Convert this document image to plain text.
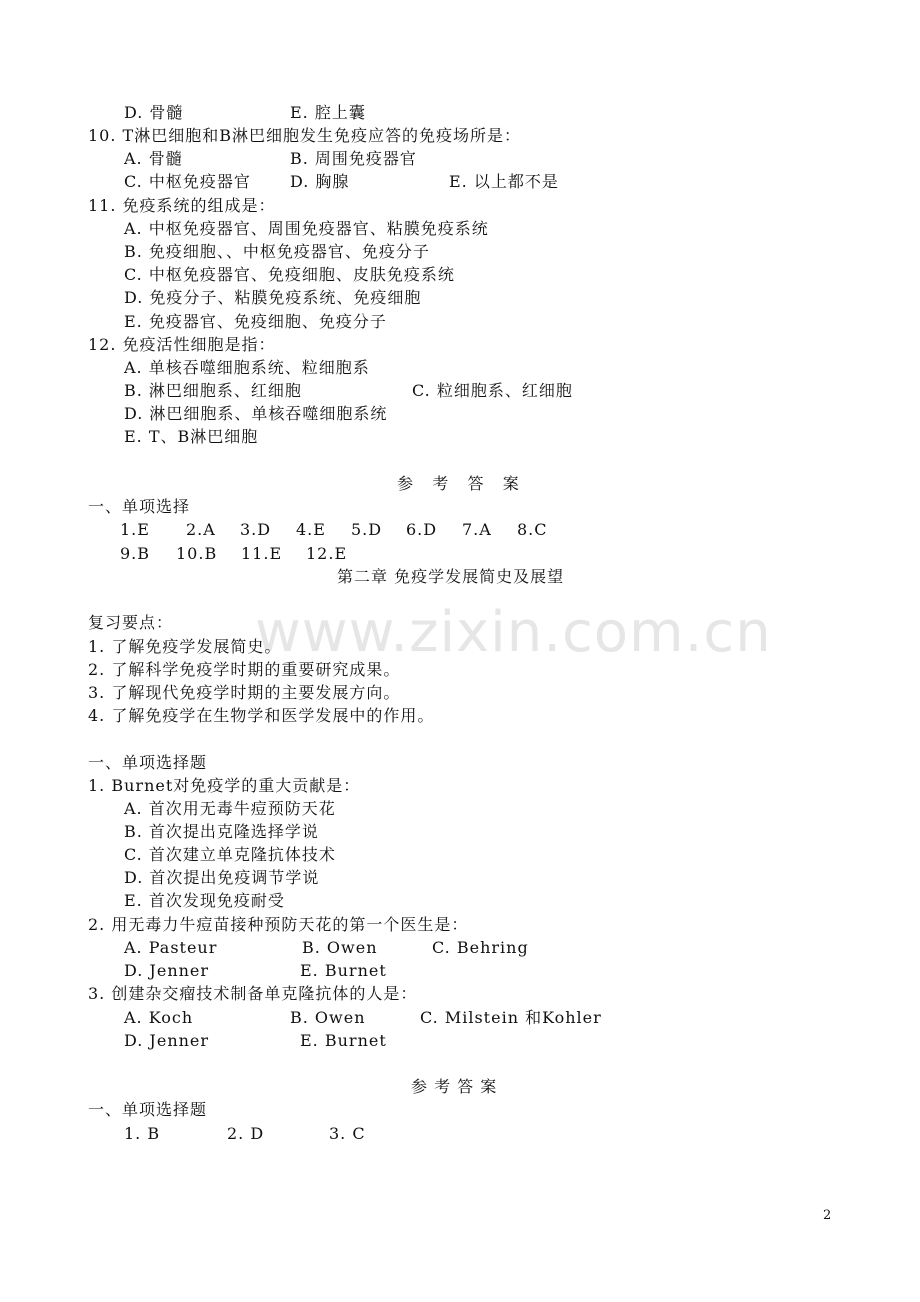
www.zixin.com.cn
D. 骨髓	E. 腔上囊
10. T淋巴细胞和B淋巴细胞发生免疫应答的免疫场所是：
A. 骨髓	B. 周围免疫器官
C. 中枢免疫器官 D. 胸腺	E. 以上都不是
11. 免疫系统的组成是：
A. 中枢免疫器官、周围免疫器官、粘膜免疫系统
B. 免疫细胞、、中枢免疫器官、免疫分子
C. 中枢免疫器官、免疫细胞、皮肤免疫系统
D. 免疫分子、粘膜免疫系统、免疫细胞
E. 免疫器官、免疫细胞、免疫分子
12. 免疫活性细胞是指：
A. 单核吞噬细胞系统、粒细胞系
B. 淋巴细胞系、红细胞	C. 粒细胞系、红细胞
D. 淋巴细胞系、单核吞噬细胞系统
E. T、B淋巴细胞
参   考   答   案
一、单项选择
1.E 2.A 3.D 4.E 5.D 6.D 7.A 8.C
9.B 10.B 11.E 12.E
第二章 免疫学发展简史及展望
复习要点：
1. 了解免疫学发展简史。
2. 了解科学免疫学时期的重要研究成果。
3. 了解现代免疫学时期的主要发展方向。
4. 了解免疫学在生物学和医学发展中的作用。
一、单项选择题
1. Burnet对免疫学的重大贡献是：
A. 首次用无毒牛痘预防天花
B. 首次提出克隆选择学说
C. 首次建立单克隆抗体技术
D. 首次提出免疫调节学说
E. 首次发现免疫耐受
2. 用无毒力牛痘苗接种预防天花的第一个医生是：
A. Pasteur	B. Owen	C. Behring
D. Jenner	E. Burnet
3. 创建杂交瘤技术制备单克隆抗体的人是：
A. Koch	B. Owen	C. Milstein 和Kohler
D. Jenner	E. Burnet
参 考 答 案
一、单项选择题
1. B	2. D	3. C
2
